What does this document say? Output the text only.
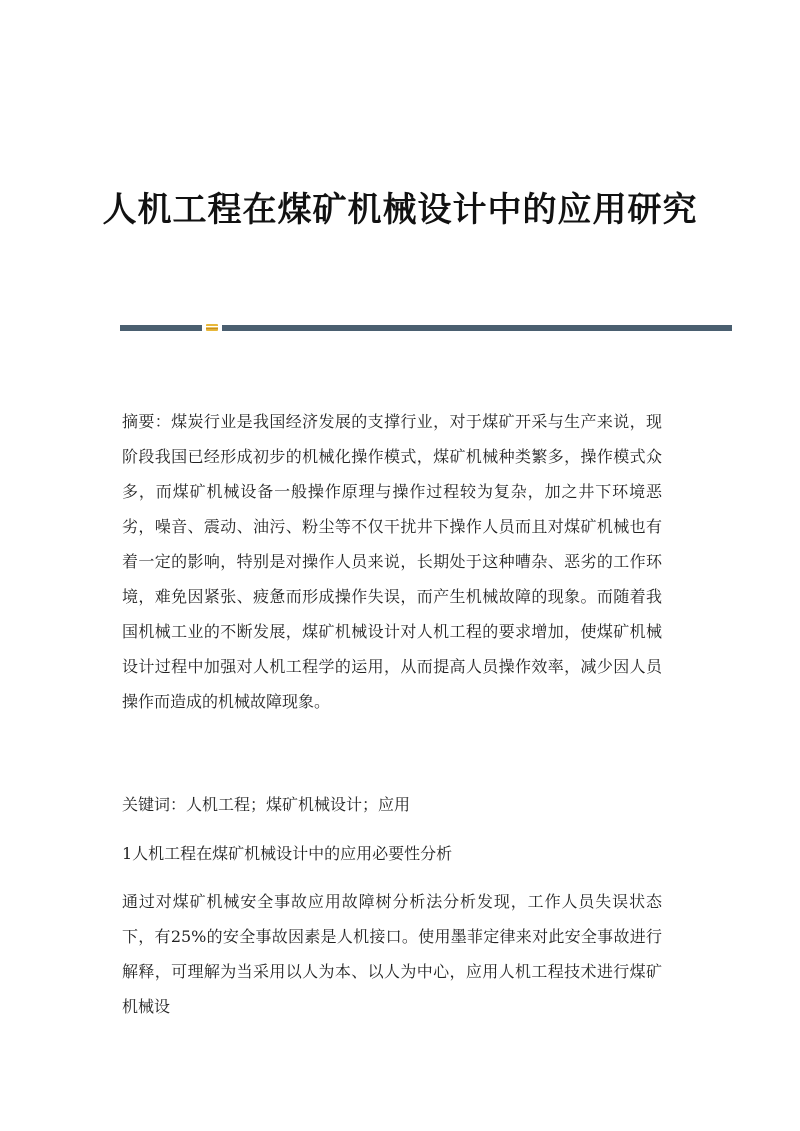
人机工程在煤矿机械设计中的应用研究
摘要：煤炭行业是我国经济发展的支撑行业，对于煤矿开采与生产来说，现阶段我国已经形成初步的机械化操作模式，煤矿机械种类繁多，操作模式众多，而煤矿机械设备一般操作原理与操作过程较为复杂，加之井下环境恶劣，噪音、震动、油污、粉尘等不仅干扰井下操作人员而且对煤矿机械也有着一定的影响，特别是对操作人员来说，长期处于这种嘈杂、恶劣的工作环境，难免因紧张、疲惫而形成操作失误，而产生机械故障的现象。而随着我国机械工业的不断发展，煤矿机械设计对人机工程的要求增加，使煤矿机械设计过程中加强对人机工程学的运用，从而提高人员操作效率，减少因人员操作而造成的机械故障现象。
关键词：人机工程；煤矿机械设计；应用
1人机工程在煤矿机械设计中的应用必要性分析
通过对煤矿机械安全事故应用故障树分析法分析发现，工作人员失误状态下，有25%的安全事故因素是人机接口。使用墨菲定律来对此安全事故进行解释，可理解为当采用以人为本、以人为中心，应用人机工程技术进行煤矿机械设
